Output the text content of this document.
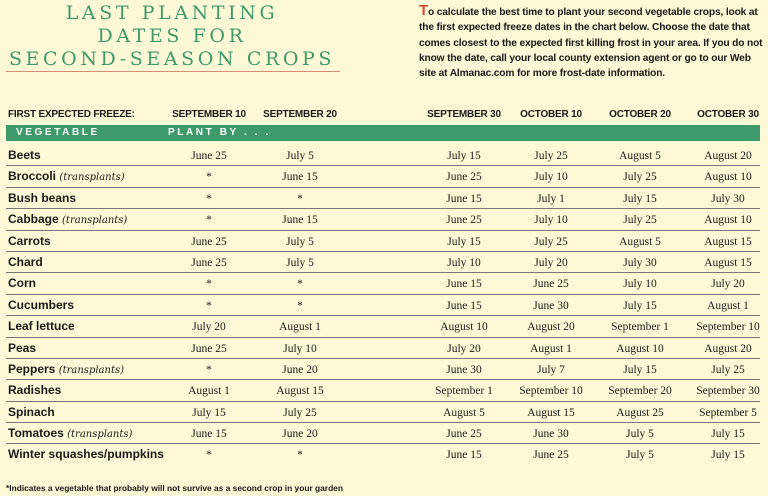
LAST PLANTING
DATES FOR
SECOND-SEASON CROPS
To calculate the best time to plant your second vegetable crops, look at the first expected freeze dates in the chart below. Choose the date that comes closest to the expected first killing frost in your area. If you do not know the date, call your local county extension agent or go to our Web site at Almanac.com for more frost-date information.
FIRST EXPECTED FREEZE:	SEPTEMBER 10 SEPTEMBER 20	SEPTEMBER 30 OCTOBER 10	OCTOBER 20	OCTOBER 30
VEGETABLE	PLANT BY . . .
Beets	June 25	July 5	July 15	July 25	August 5	August 20
Broccoli (transplants)	*	June 15	June 25	July 10	July 25	August 10
Bush beans	*	*	June 15	July 1	July 15	July 30
Cabbage (transplants)	*	June 15	June 25	July 10	July 25	August 10
Carrots	June 25	July 5	July 15	July 25	August 5	August 15
Chard	June 25	July 5	July 10	July 20	July 30	August 15
Corn	*	*	June 15	June 25	July 10	July 20
Cucumbers	*	*	June 15	June 30	July 15	August 1
Leaf lettuce	July 20	August 1	August 10	August 20	September 1	September 10
Peas	June 25	July 10	July 20	August 1	August 10	August 20
Peppers (transplants)	*	June 20	June 30	July 7	July 15	July 25
Radishes	August 1	August 15	September 1	September 10	September 20	September 30
Spinach	July 15	July 25	August 5	August 15	August 25	September 5
Tomatoes (transplants)	June 15	June 20	June 25	June 30	July 5	July 15
Winter squashes/pumpkins	*	*	June 15	June 25	July 5	July 15
*Indicates a vegetable that probably will not survive as a second crop in your garden
